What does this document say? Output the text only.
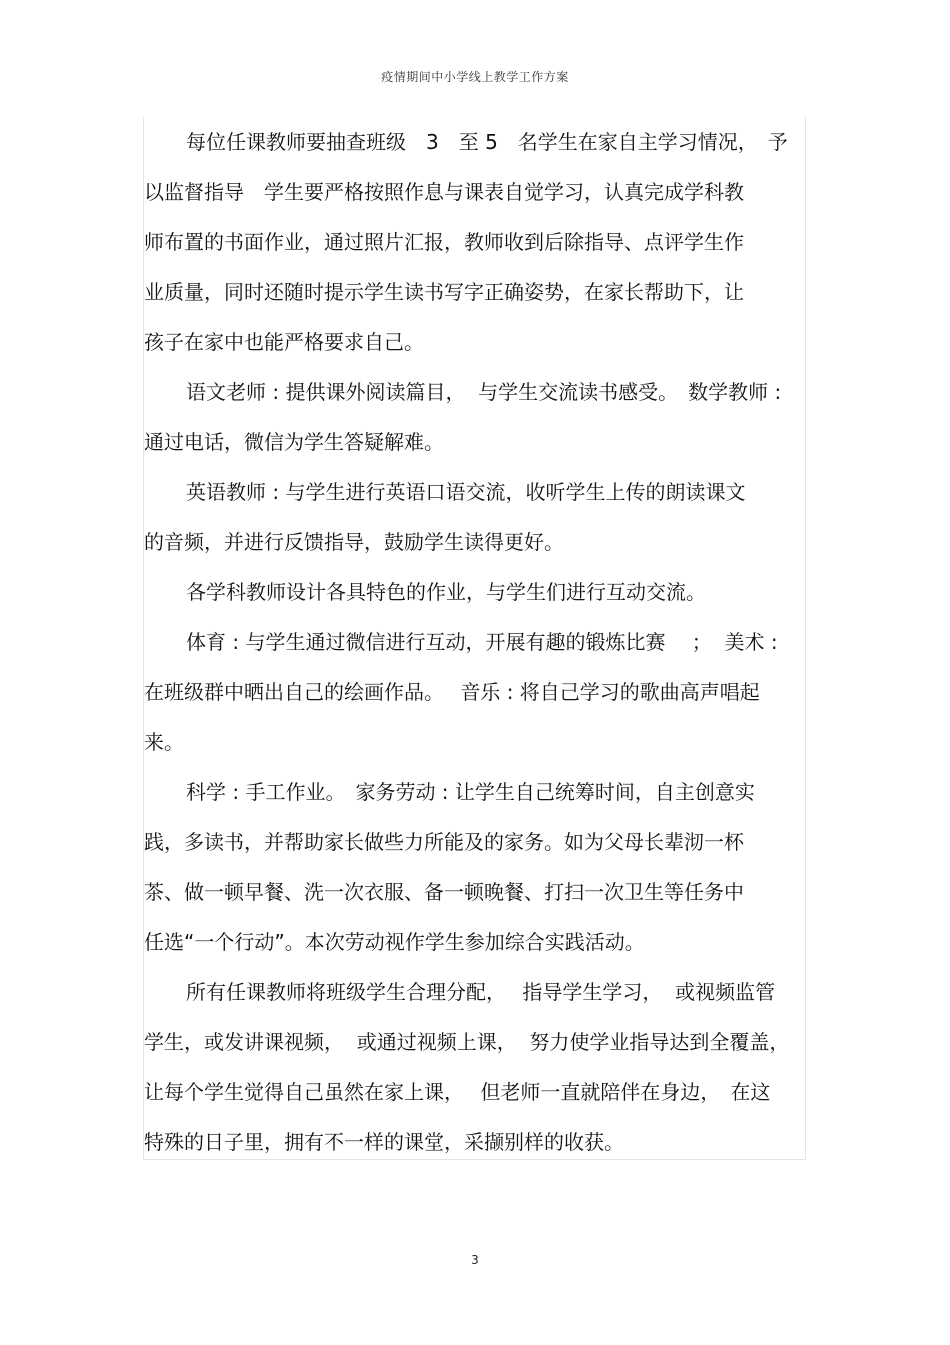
疫情期间中小学线上教学工作方案
每位任课教师要抽查班级　3　至 5　名学生在家自主学习情况，　予
以监督指导　学生要严格按照作息与课表自觉学习，认真完成学科教
师布置的书面作业，通过照片汇报，教师收到后除指导、点评学生作
业质量，同时还随时提示学生读书写字正确姿势，在家长帮助下，让
孩子在家中也能严格要求自己。
语文老师 : 提供课外阅读篇目，  与学生交流读书感受。　数学教师 :
通过电话，微信为学生答疑解难。
英语教师 : 与学生进行英语口语交流，收听学生上传的朗读课文
的音频，并进行反馈指导，鼓励学生读得更好。
各学科教师设计各具特色的作业，与学生们进行互动交流。
体育 : 与学生通过微信进行互动，开展有趣的锻炼比赛　 ；  美术 :
在班级群中晒出自己的绘画作品。　 音乐 : 将自己学习的歌曲高声唱起
来。
科学 : 手工作业。　家务劳动 : 让学生自己统筹时间，自主创意实
践，多读书，并帮助家长做些力所能及的家务。如为父母长辈沏一杯
茶、做一顿早餐、洗一次衣服、备一顿晚餐、打扫一次卫生等任务中
任选“一个行动”。本次劳动视作学生参加综合实践活动。
所有任课教师将班级学生合理分配，　 指导学生学习，  或视频监管
学生，或发讲课视频，  或通过视频上课，  努力使学业指导达到全覆盖，
让每个学生觉得自己虽然在家上课，　 但老师一直就陪伴在身边，　在这
特殊的日子里，拥有不一样的课堂，采撷别样的收获。
3
